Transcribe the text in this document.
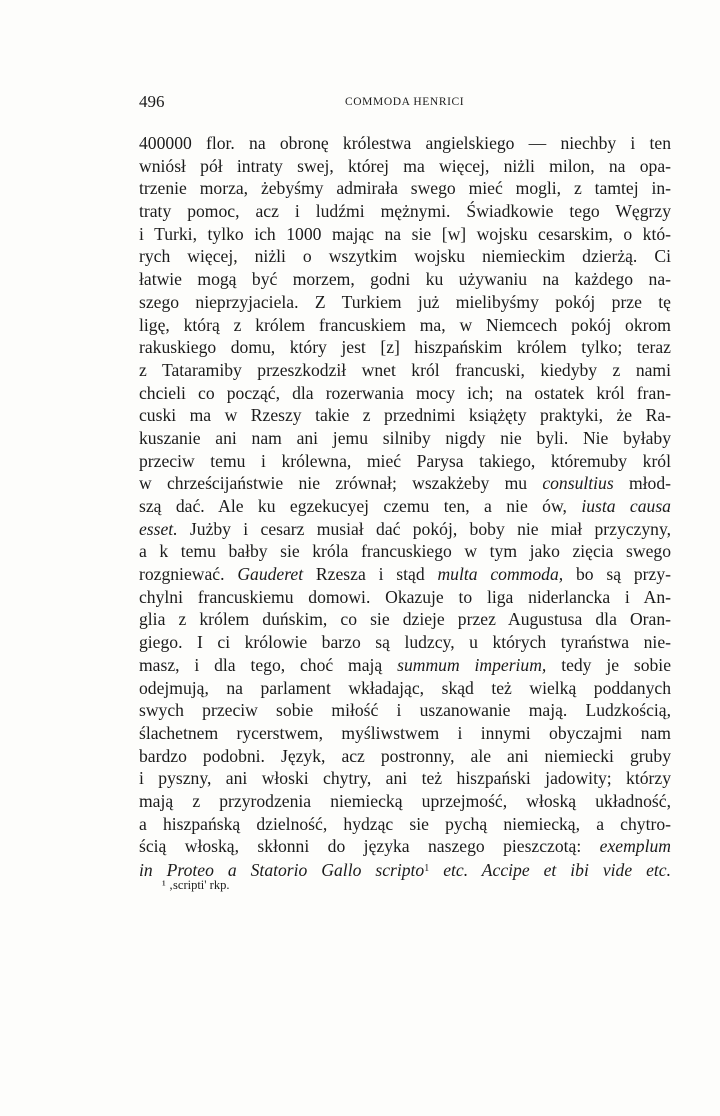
496	COMMODA HENRICI
400000 flor. na obronę królestwa angielskiego — niechby i ten
wniósł pół intraty swej, której ma więcej, niżli milon, na opa-
trzenie morza, żebyśmy admirała swego mieć mogli, z tamtej in-
traty pomoc, acz i ludźmi mężnymi. Świadkowie tego Węgrzy
i Turki, tylko ich 1000 mając na sie [w] wojsku cesarskim, o któ-
rych więcej, niżli o wszytkim wojsku niemieckim dzierżą. Ci
łatwie mogą być morzem, godni ku używaniu na każdego na-
szego nieprzyjaciela. Z Turkiem już mielibyśmy pokój prze tę
ligę, którą z królem francuskiem ma, w Niemcech pokój okrom
rakuskiego domu, który jest [z] hiszpańskim królem tylko; teraz
z Tataramiby przeszkodził wnet król francuski, kiedyby z nami
chcieli co począć, dla rozerwania mocy ich; na ostatek król fran-
cuski ma w Rzeszy takie z przednimi książęty praktyki, że Ra-
kuszanie ani nam ani jemu silniby nigdy nie byli. Nie byłaby
przeciw temu i królewna, mieć Parysa takiego, któremuby król
w chrześcijaństwie nie zrównał; wszakżeby mu consultius młod-
szą dać. Ale ku egzekucyej czemu ten, a nie ów, iusta causa
esset. Jużby i cesarz musiał dać pokój, boby nie miał przyczyny,
a k temu bałby sie króla francuskiego w tym jako zięcia swego
rozgniewać. Gauderet Rzesza i stąd multa commoda, bo są przy-
chylni francuskiemu domowi. Okazuje to liga niderlancka i An-
glia z królem duńskim, co sie dzieje przez Augustusa dla Oran-
giego. I ci królowie barzo są ludzcy, u których tyraństwa nie-
masz, i dla tego, choć mają summum imperium, tedy je sobie
odejmują, na parlament wkładając, skąd też wielką poddanych
swych przeciw sobie miłość i uszanowanie mają. Ludzkością,
ślachetnem rycerstwem, myśliwstwem i innymi obyczajmi nam
bardzo podobni. Język, acz postronny, ale ani niemiecki gruby
i pyszny, ani włoski chytry, ani też hiszpański jadowity; którzy
mają z przyrodzenia niemiecką uprzejmość, włoską układność,
a hiszpańską dzielność, hydząc sie pychą niemiecką, a chytro-
ścią włoską, skłonni do języka naszego pieszczotą: exemplum
in Proteo a Statorio Gallo scripto$^1$ etc. Accipe et ibi vide etc.
¹ ‚scripti' rkp.
